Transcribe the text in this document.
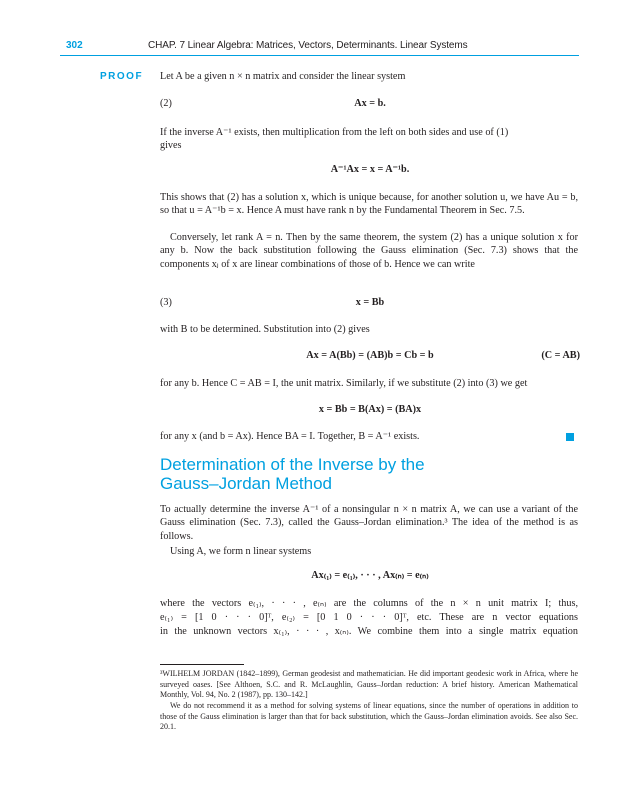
302	CHAP. 7 Linear Algebra: Matrices, Vectors, Determinants. Linear Systems
PROOF Let A be a given n × n matrix and consider the linear system
(2)	Ax = b.
If the inverse A⁻¹ exists, then multiplication from the left on both sides and use of (1)
gives
A⁻¹Ax = x = A⁻¹b.
This shows that (2) has a solution x, which is unique because, for another solution u, we have Au = b, so that u = A⁻¹b = x. Hence A must have rank n by the Fundamental Theorem in Sec. 7.5.
Conversely, let rank A = n. Then by the same theorem, the system (2) has a unique solution x for any b. Now the back substitution following the Gauss elimination (Sec. 7.3) shows that the components xⱼ of x are linear combinations of those of b. Hence we can write
(3)	x = Bb
with B to be determined. Substitution into (2) gives
Ax = A(Bb) = (AB)b = Cb = b	(C = AB)
for any b. Hence C = AB = I, the unit matrix. Similarly, if we substitute (2) into (3) we get
x = Bb = B(Ax) = (BA)x
for any x (and b = Ax). Hence BA = I. Together, B = A⁻¹ exists.
Determination of the Inverse by the
Gauss–Jordan Method
To actually determine the inverse A⁻¹ of a nonsingular n × n matrix A, we can use a variant of the Gauss elimination (Sec. 7.3), called the Gauss–Jordan elimination.³ The idea of the method is as follows.
Using A, we form n linear systems
Ax₍₁₎ = e₍₁₎, · · · , Ax₍ₙ₎ = e₍ₙ₎
where the vectors e₍₁₎, · · · , e₍ₙ₎ are the columns of the n × n unit matrix I; thus,
e₍₁₎ = [1 0 · · · 0]ᵀ, e₍₂₎ = [0 1 0 · · · 0]ᵀ, etc. These are n vector equations
in the unknown vectors x₍₁₎, · · · , x₍ₙ₎. We combine them into a single matrix equation
³WILHELM JORDAN (1842–1899), German geodesist and mathematician. He did important geodesic work in Africa, where he surveyed oases. [See Althoen, S.C. and R. McLaughlin, Gauss–Jordan reduction: A brief history. American Mathematical Monthly, Vol. 94, No. 2 (1987), pp. 130–142.]
We do not recommend it as a method for solving systems of linear equations, since the number of operations in addition to those of the Gauss elimination is larger than that for back substitution, which the Gauss–Jordan elimination avoids. See also Sec. 20.1.
